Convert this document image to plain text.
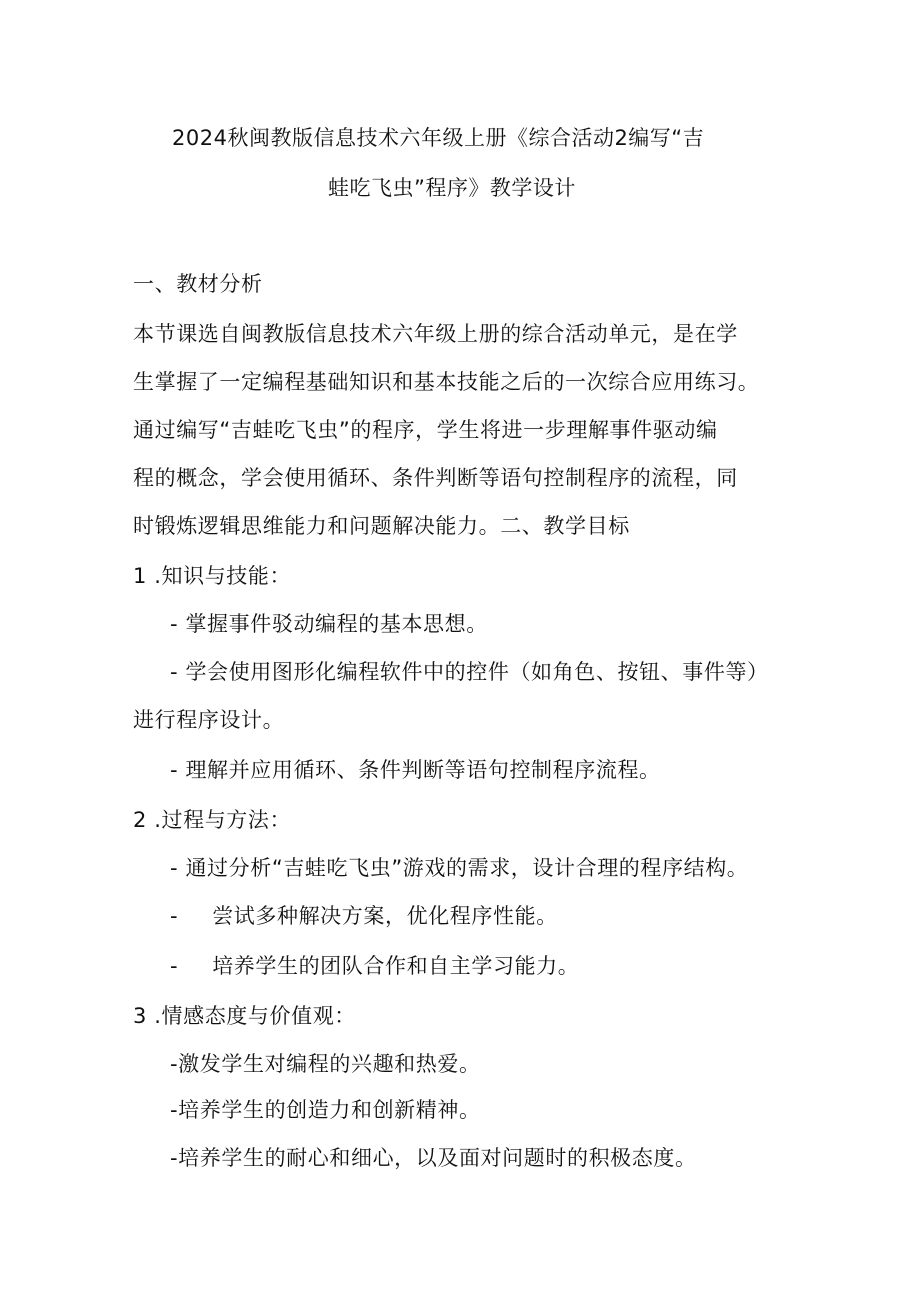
2024秋闽教版信息技术六年级上册《综合活动2编写“吉
蛙吃飞虫”程序》教学设计
一、教材分析
本节课选自闽教版信息技术六年级上册的综合活动单元，是在学
生掌握了一定编程基础知识和基本技能之后的一次综合应用练习。
通过编写“吉蛙吃飞虫”的程序，学生将进一步理解事件驱动编
程的概念，学会使用循环、条件判断等语句控制程序的流程，同
时锻炼逻辑思维能力和问题解决能力。二、教学目标
1 .知识与技能：
- 掌握事件驳动编程的基本思想。
- 学会使用图形化编程软件中的控件（如角色、按钮、事件等）
进行程序设计。
- 理解并应用循环、条件判断等语句控制程序流程。
2 .过程与方法：
- 通过分析“吉蛙吃飞虫”游戏的需求，设计合理的程序结构。
- 尝试多种解决方案，优化程序性能。
- 培养学生的团队合作和自主学习能力。
3 .情感态度与价值观：
-激发学生对编程的兴趣和热爱。
-培养学生的创造力和创新精神。
-培养学生的耐心和细心，以及面对问题时的积极态度。
